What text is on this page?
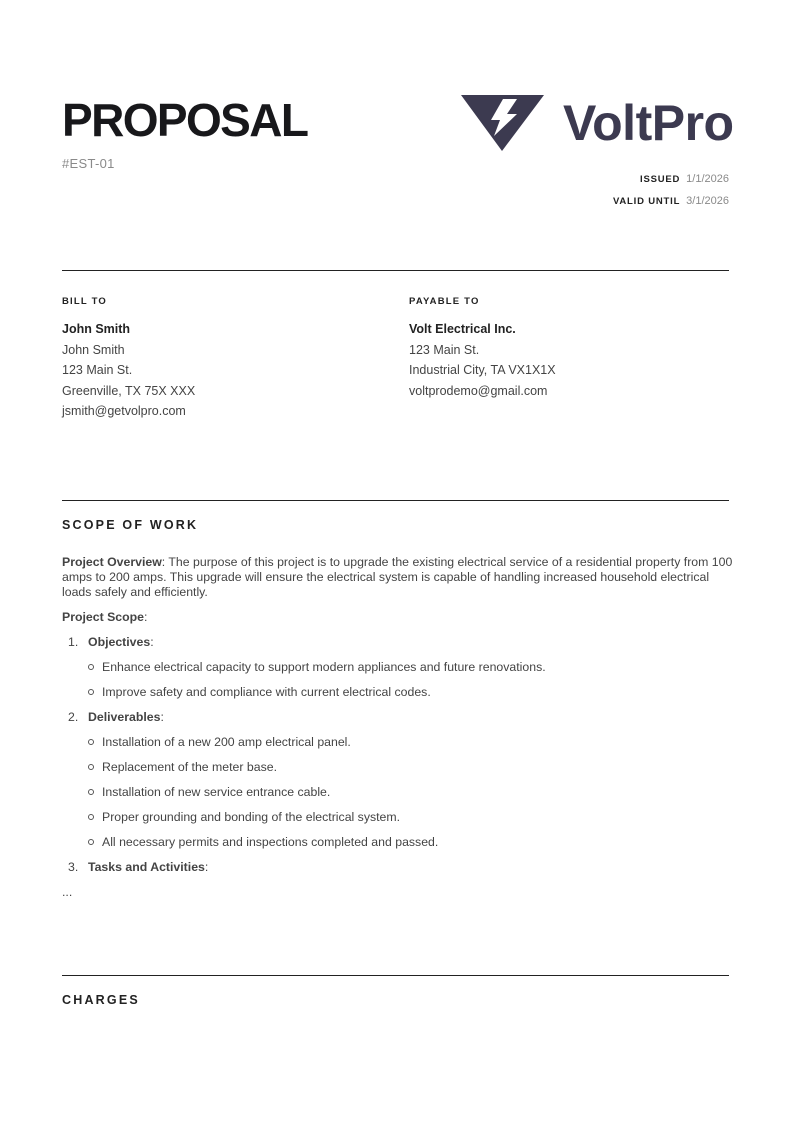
PROPOSAL
#EST-01
VoltPro
ISSUED 1/1/2026
VALID UNTIL 3/1/2026
BILL TO
John Smith
John Smith
123 Main St.
Greenville, TX 75X XXX
jsmith@getvolpro.com
PAYABLE TO
Volt Electrical Inc.
123 Main St.
Industrial City, TA VX1X1X
voltprodemo@gmail.com
SCOPE OF WORK

Project Overview: The purpose of this project is to upgrade the existing electrical service of a residential property from 100 amps to 200 amps. This upgrade will ensure the electrical system is capable of handling increased household electrical loads safely and efficiently.

Project Scope:

1. Objectives:
Enhance electrical capacity to support modern appliances and future renovations.
Improve safety and compliance with current electrical codes.
2. Deliverables:
Installation of a new 200 amp electrical panel.
Replacement of the meter base.
Installation of new service entrance cable.
Proper grounding and bonding of the electrical system.
All necessary permits and inspections completed and passed.
3. Tasks and Activities:

...

CHARGES
